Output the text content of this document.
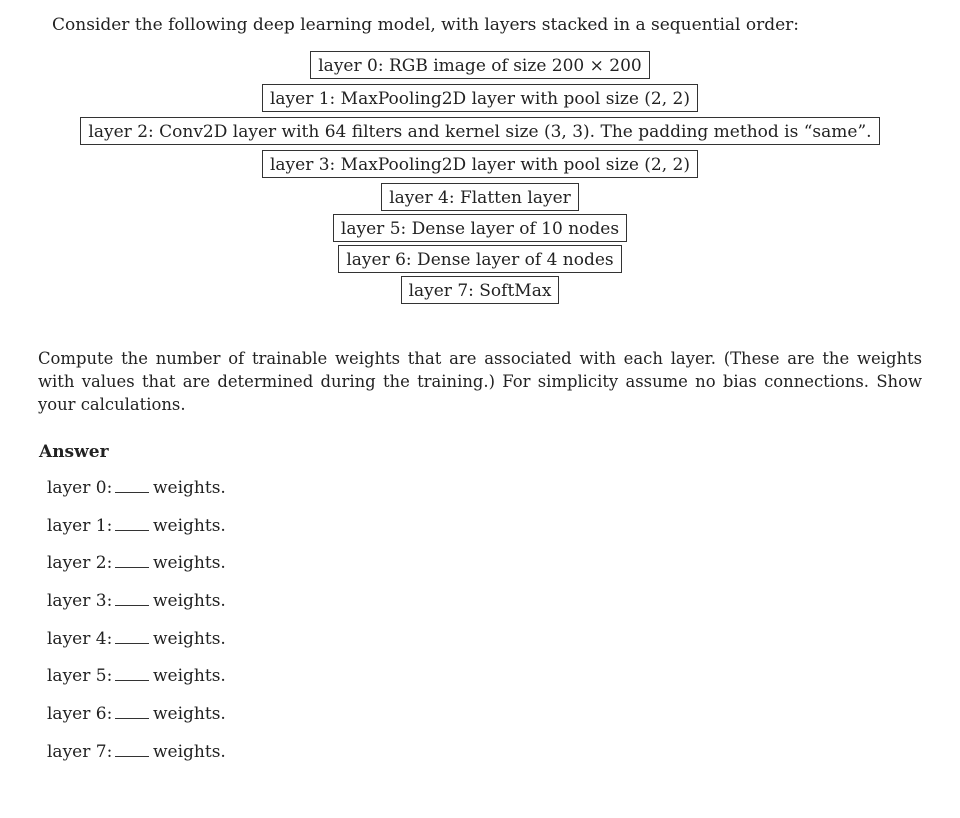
Consider the following deep learning model, with layers stacked in a sequential order:
layer 0: RGB image of size 200 × 200
layer 1: MaxPooling2D layer with pool size (2, 2)
layer 2: Conv2D layer with 64 filters and kernel size (3, 3). The padding method is “same”.
layer 3: MaxPooling2D layer with pool size (2, 2)
layer 4: Flatten layer
layer 5: Dense layer of 10 nodes
layer 6: Dense layer of 4 nodes
layer 7: SoftMax
Compute the number of trainable weights that are associated with each layer. (These are the weights with values that are determined during the training.) For simplicity assume no bias connections. Show your calculations.
Answer
layer 0: weights.
layer 1: weights.
layer 2: weights.
layer 3: weights.
layer 4: weights.
layer 5: weights.
layer 6: weights.
layer 7: weights.
